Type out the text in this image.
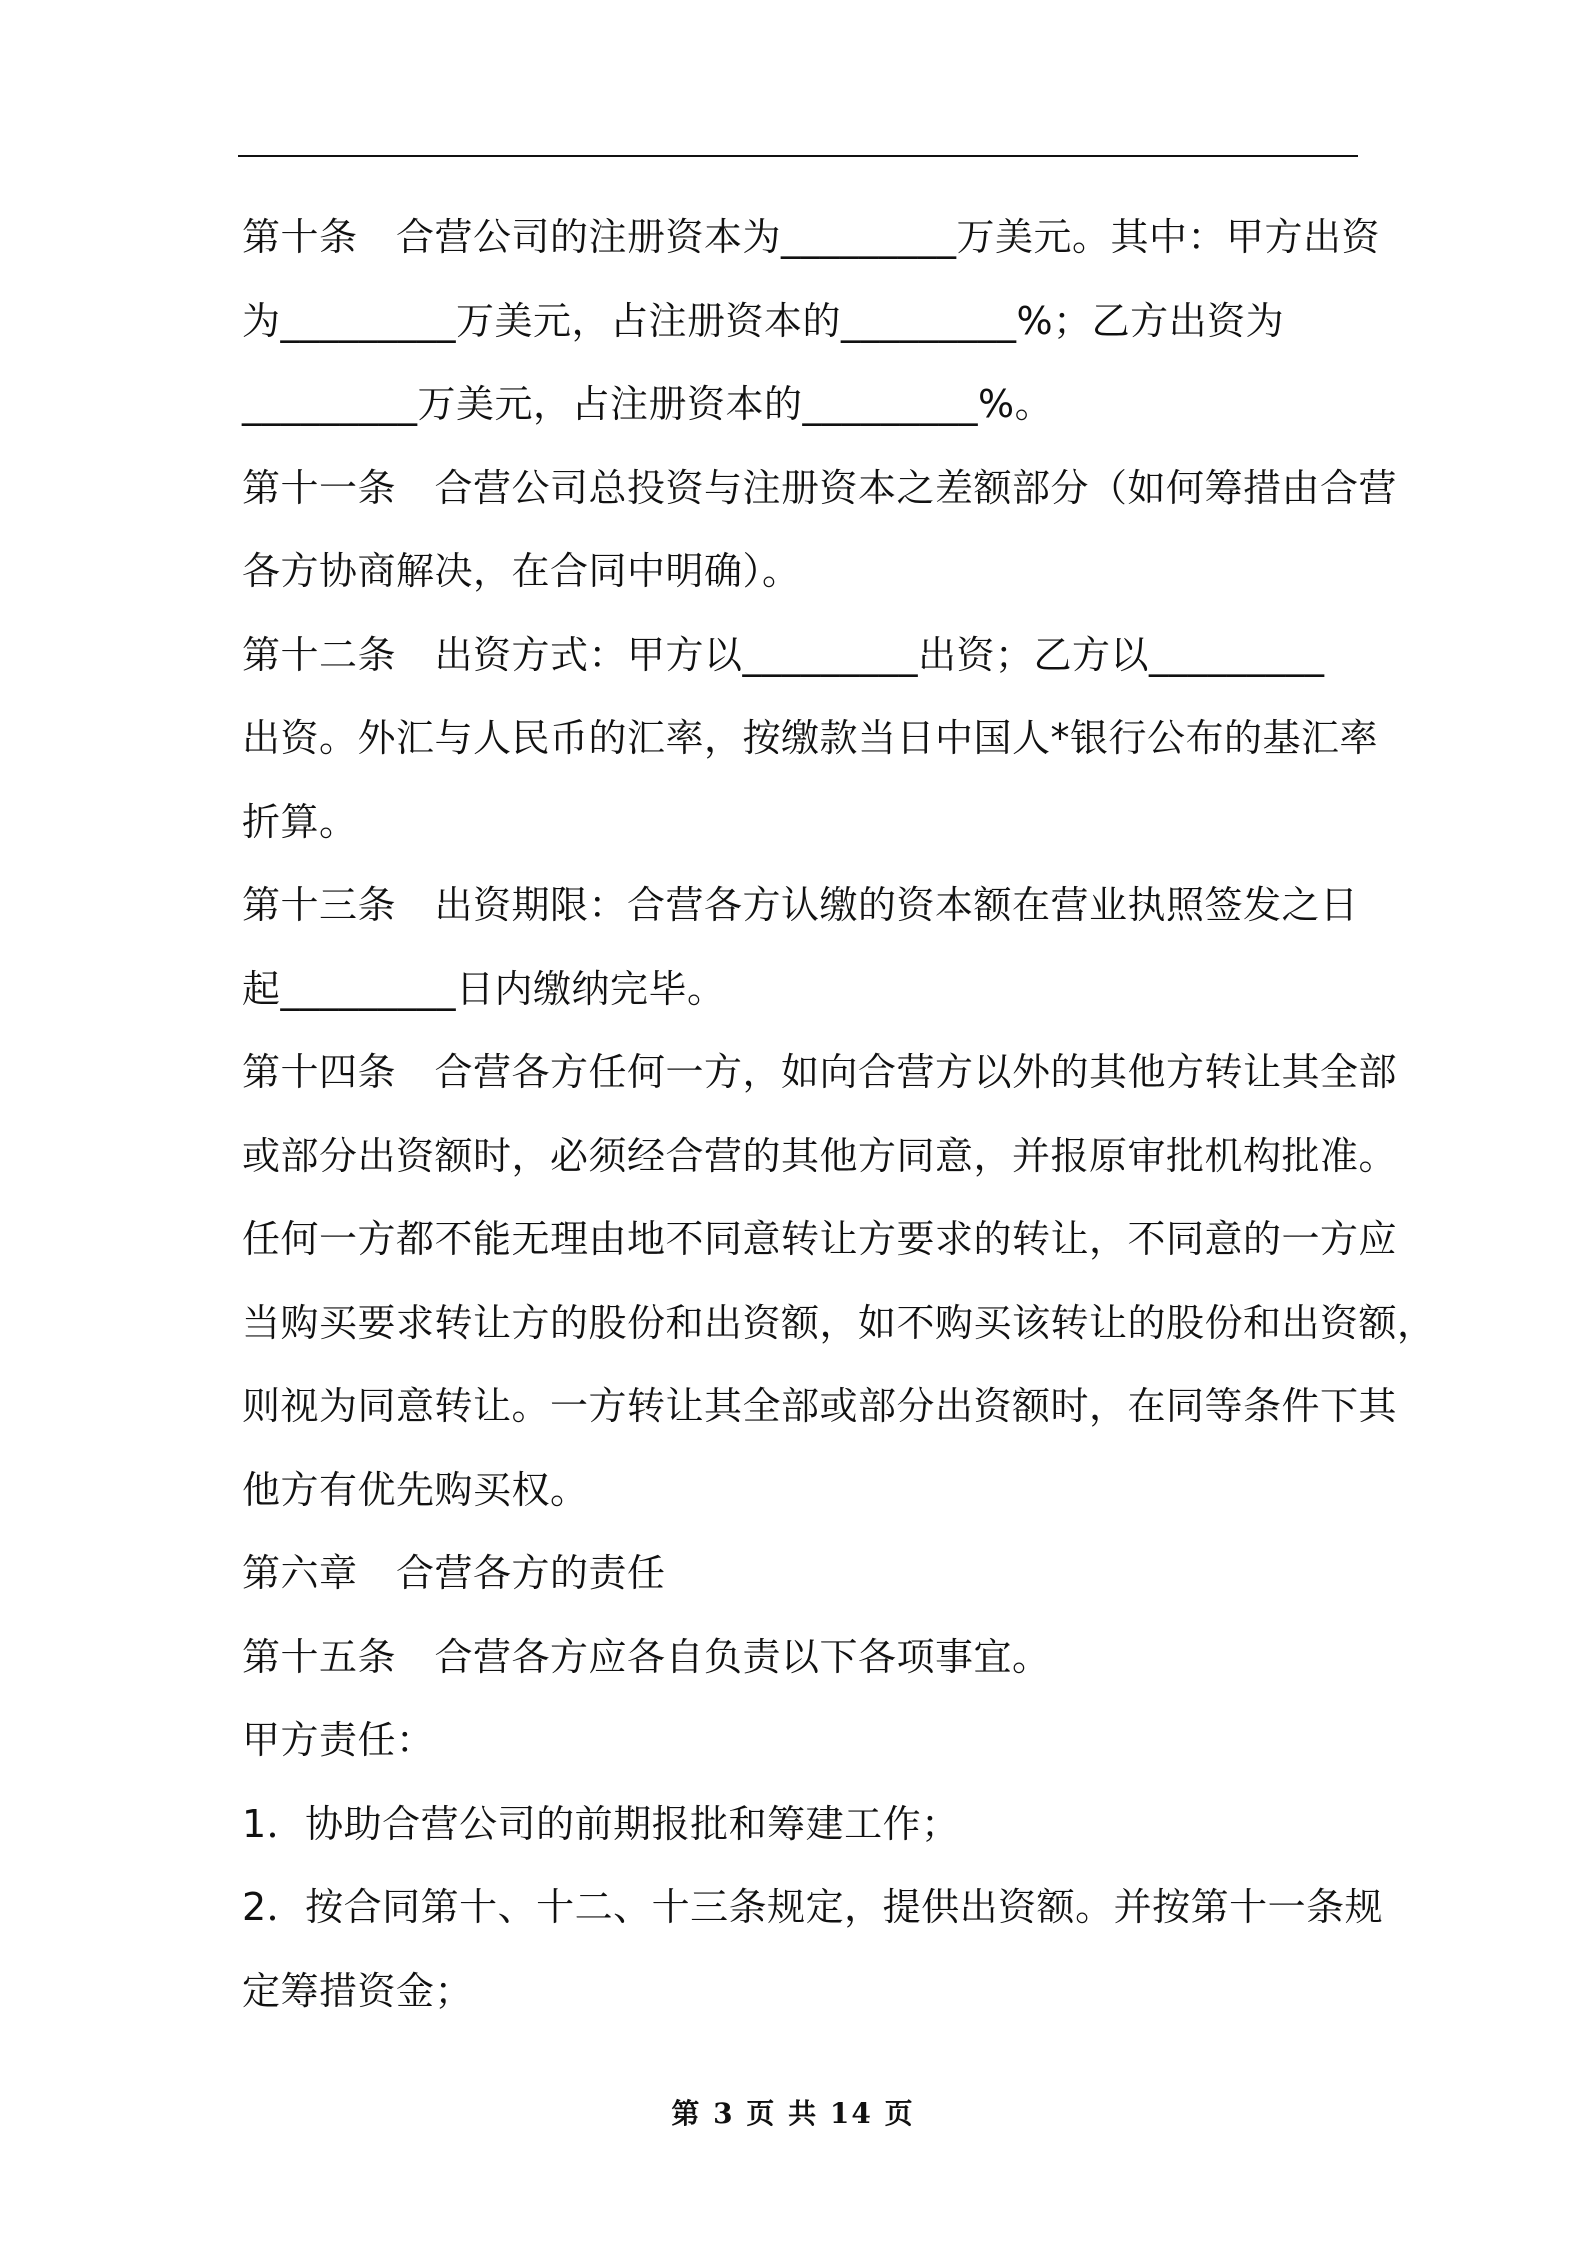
第十条　合营公司的注册资本为_________万美元。其中：甲方出资
为_________万美元，占注册资本的_________%；乙方出资为
_________万美元，占注册资本的_________%。
第十一条　合营公司总投资与注册资本之差额部分（如何筹措由合营
各方协商解决，在合同中明确）。
第十二条　出资方式：甲方以_________出资；乙方以_________
出资。外汇与人民币的汇率，按缴款当日中国人*银行公布的基汇率
折算。
第十三条　出资期限：合营各方认缴的资本额在营业执照签发之日
起_________日内缴纳完毕。
第十四条　合营各方任何一方，如向合营方以外的其他方转让其全部
或部分出资额时，必须经合营的其他方同意，并报原审批机构批准。
任何一方都不能无理由地不同意转让方要求的转让，不同意的一方应
当购买要求转让方的股份和出资额，如不购买该转让的股份和出资额，
则视为同意转让。一方转让其全部或部分出资额时，在同等条件下其
他方有优先购买权。
第六章　合营各方的责任
第十五条　合营各方应各自负责以下各项事宜。
甲方责任：
1．协助合营公司的前期报批和筹建工作；
2．按合同第十、十二、十三条规定，提供出资额。并按第十一条规
定筹措资金；
第 3 页 共 14 页
